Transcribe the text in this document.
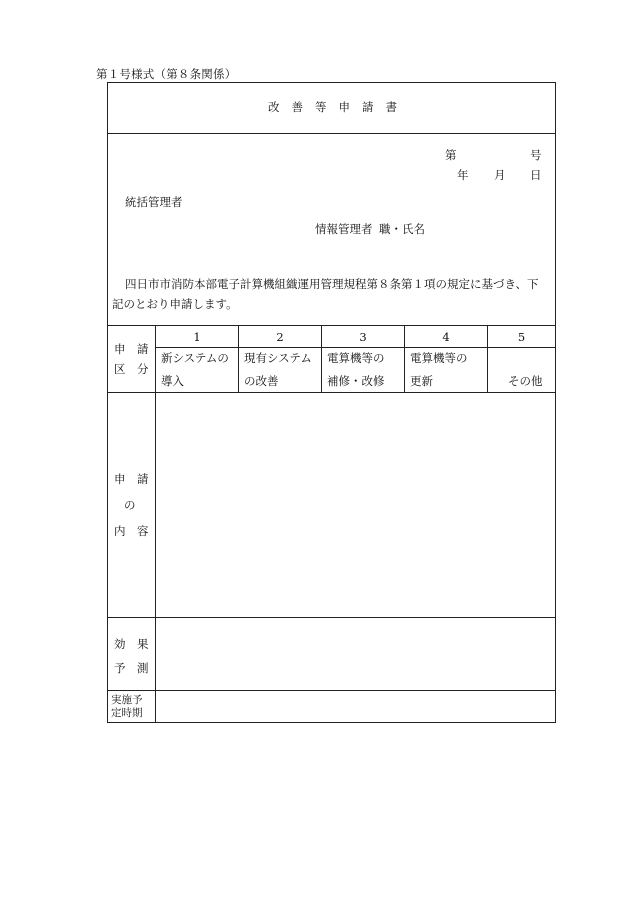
第１号様式（第８条関係）
改善等申請書
第	号
年 月 日
統括管理者
情報管理者 職・氏名
四日市市消防本部電子計算機組織運用管理規程第８条第１項の規定に基づき、下
記のとおり申請します。
申　請
区　分
1
新システムの
導入
2
現有システム
の改善
3
電算機等の
補修・改修
4
電算機等の
更新
5
その他
申　請
の
内　容
効　果
予　測
実施予
定時期
